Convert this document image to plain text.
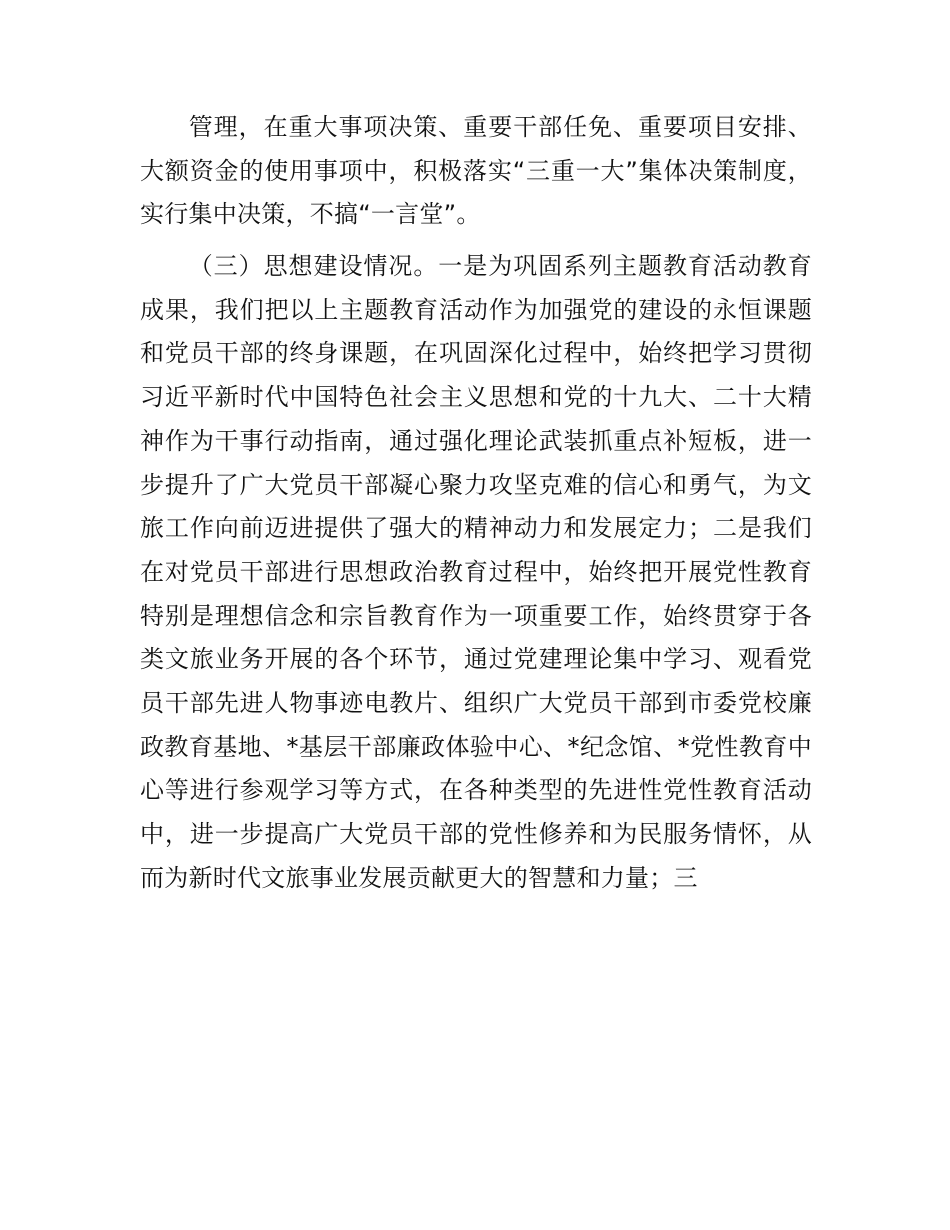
管理，在重大事项决策、重要干部任免、重要项目安排、大额资金的使用事项中，积极落实“三重一大”集体决策制度，实行集中决策，不搞“一言堂”。
（三）思想建设情况。一是为巩固系列主题教育活动教育成果，我们把以上主题教育活动作为加强党的建设的永恒课题和党员干部的终身课题，在巩固深化过程中，始终把学习贯彻习近平新时代中国特色社会主义思想和党的十九大、二十大精神作为干事行动指南，通过强化理论武装抓重点补短板，进一步提升了广大党员干部凝心聚力攻坚克难的信心和勇气，为文旅工作向前迈进提供了强大的精神动力和发展定力；二是我们在对党员干部进行思想政治教育过程中，始终把开展党性教育特别是理想信念和宗旨教育作为一项重要工作，始终贯穿于各类文旅业务开展的各个环节，通过党建理论集中学习、观看党员干部先进人物事迹电教片、组织广大党员干部到市委党校廉政教育基地、*基层干部廉政体验中心、*纪念馆、*党性教育中心等进行参观学习等方式，在各种类型的先进性党性教育活动中，进一步提高广大党员干部的党性修养和为民服务情怀，从而为新时代文旅事业发展贡献更大的智慧和力量；三
